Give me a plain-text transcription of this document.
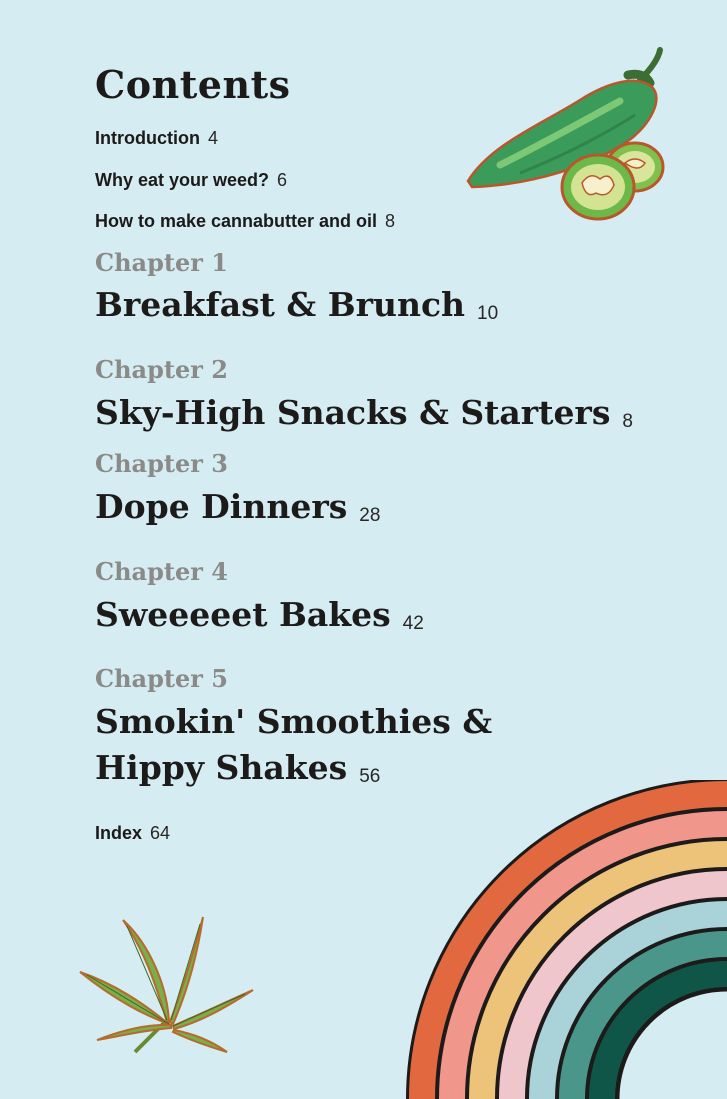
Contents
Introduction 4
Why eat your weed? 6
How to make cannabutter and oil 8
Chapter 1
Breakfast & Brunch 10
Chapter 2
Sky-High Snacks & Starters 8
Chapter 3
Dope Dinners 28
Chapter 4
Sweeeeet Bakes 42
Chapter 5
Smokin' Smoothies &
Hippy Shakes 56
Index 64
